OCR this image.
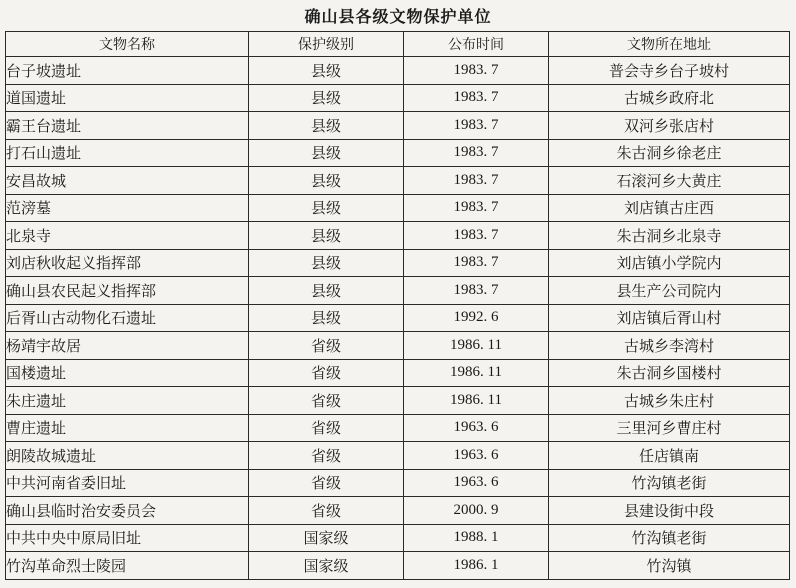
确山县各级文物保护单位
文物名称	保护级别	公布时间	文物所在地址
台子坡遗址	县级	1983. 7	普会寺乡台子坡村
道国遗址	县级	1983. 7	古城乡政府北
霸王台遗址	县级	1983. 7	双河乡张店村
打石山遗址	县级	1983. 7	朱古洞乡徐老庄
安昌故城	县级	1983. 7	石滚河乡大黄庄
范滂墓	县级	1983. 7	刘店镇古庄西
北泉寺	县级	1983. 7	朱古洞乡北泉寺
刘店秋收起义指挥部	县级	1983. 7	刘店镇小学院内
确山县农民起义指挥部	县级	1983. 7	县生产公司院内
后胥山古动物化石遗址	县级	1992. 6	刘店镇后胥山村
杨靖宇故居	省级	1986. 11	古城乡李湾村
国楼遗址	省级	1986. 11	朱古洞乡国楼村
朱庄遗址	省级	1986. 11	古城乡朱庄村
曹庄遗址	省级	1963. 6	三里河乡曹庄村
朗陵故城遗址	省级	1963. 6	任店镇南
中共河南省委旧址	省级	1963. 6	竹沟镇老街
确山县临时治安委员会	省级	2000. 9	县建设街中段
中共中央中原局旧址	国家级	1988. 1	竹沟镇老街
竹沟革命烈士陵园	国家级	1986. 1	竹沟镇
